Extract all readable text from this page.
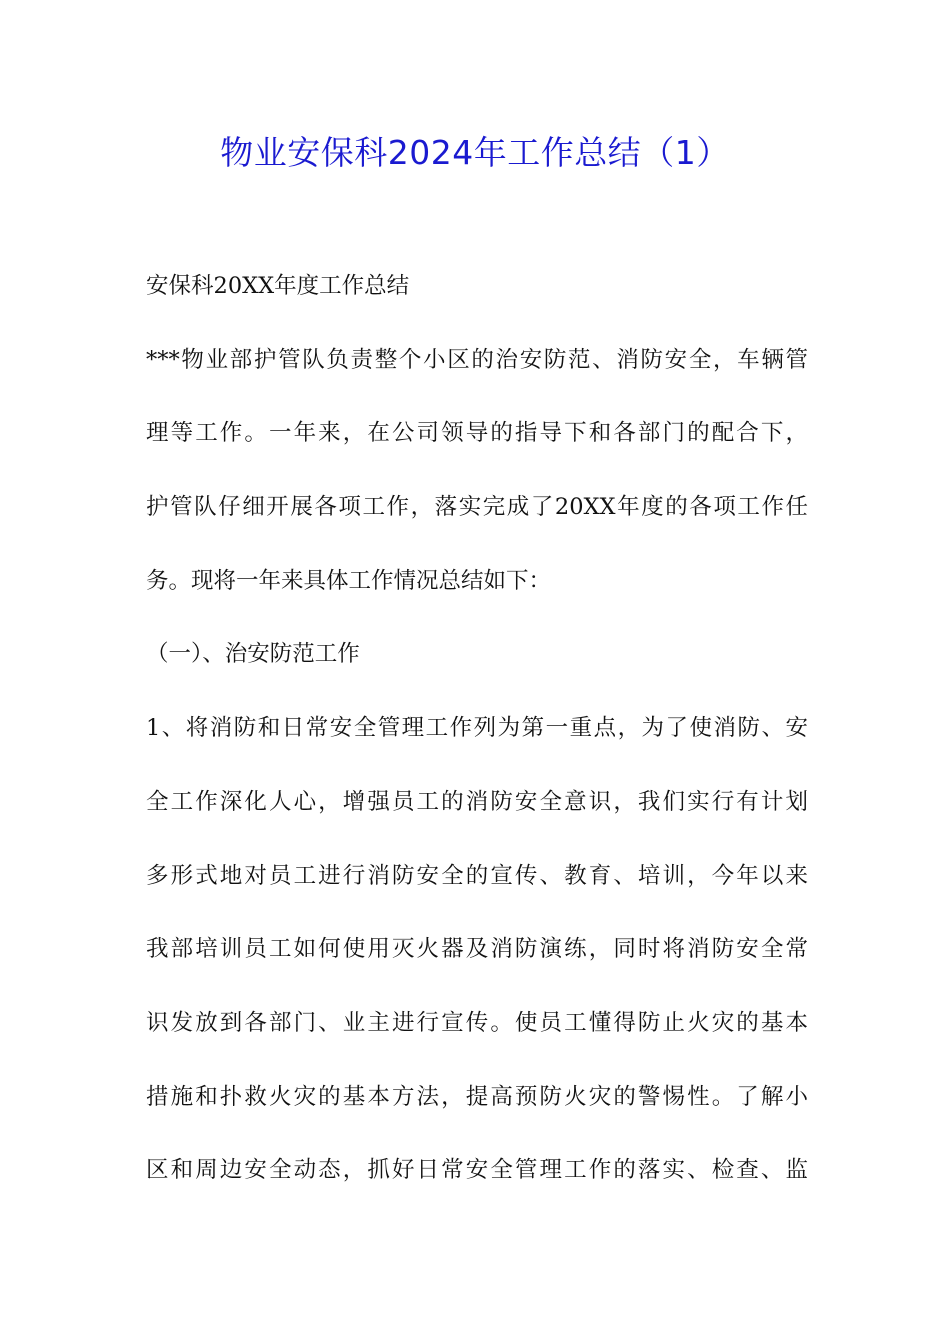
物业安保科2024年工作总结（1）
安保科20XX年度工作总结
***物业部护管队负责整个小区的治安防范、消防安全，车辆管
理等工作。一年来，在公司领导的指导下和各部门的配合下，
护管队仔细开展各项工作，落实完成了20XX年度的各项工作任
务。现将一年来具体工作情况总结如下：
（一）、治安防范工作
1、将消防和日常安全管理工作列为第一重点，为了使消防、安
全工作深化人心，增强员工的消防安全意识，我们实行有计划
多形式地对员工进行消防安全的宣传、教育、培训，今年以来
我部培训员工如何使用灭火器及消防演练，同时将消防安全常
识发放到各部门、业主进行宣传。使员工懂得防止火灾的基本
措施和扑救火灾的基本方法，提高预防火灾的警惕性。了解小
区和周边安全动态，抓好日常安全管理工作的落实、检查、监
